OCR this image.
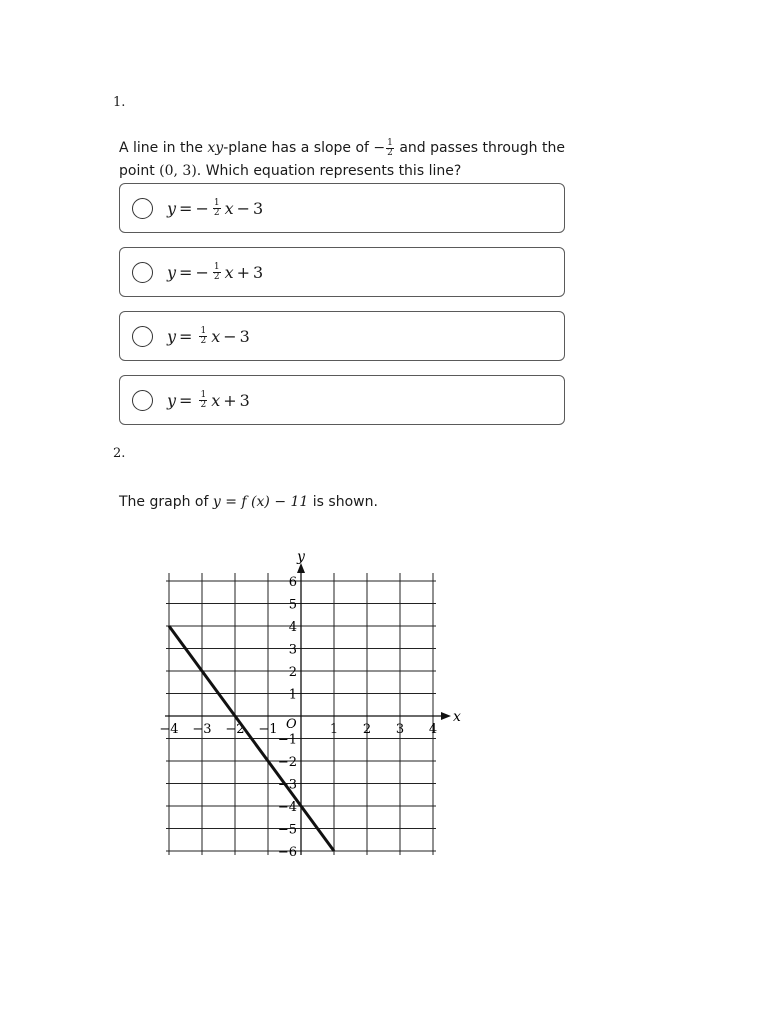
1.
A line in the xy-plane has a slope of − $\frac{1}{2}$ and passes through the point (0, 3). Which equation represents this line?
y = − $\frac{1}{2}$ x − 3
y = − $\frac{1}{2}$ x + 3
$y = \frac{1}{2}$ x − 3
$y = \frac{1}{2}$ x + 3
2.
The graph of y = f (x) − 11 is shown.
x
y
O
−4 −3 −2 −1	1 2 3 4
6
5
4
3
2
1
−1
−2
−3
−4
−5
−6
